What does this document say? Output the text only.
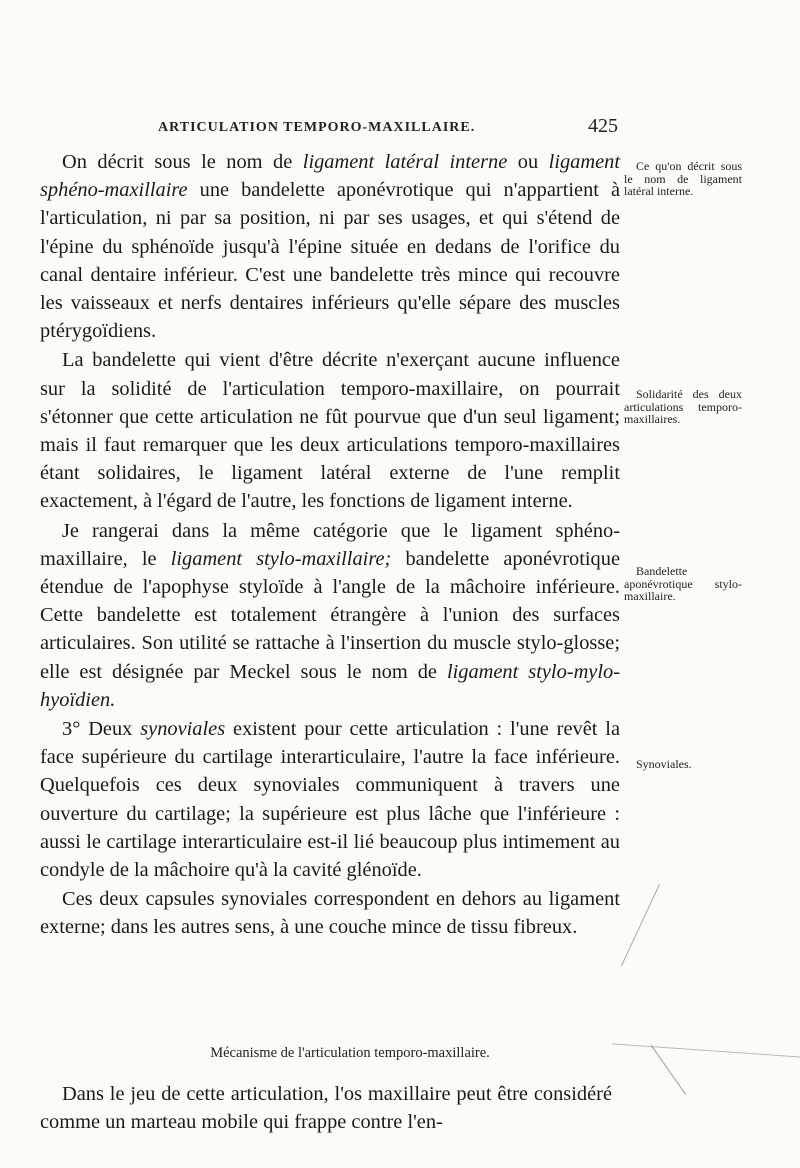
ARTICULATION TEMPORO-MAXILLAIRE.	425

On décrit sous le nom de ligament latéral interne ou ligament sphéno-maxillaire une bandelette aponévrotique qui n'appartient à l'articulation, ni par sa position, ni par ses usages, et qui s'étend de l'épine du sphénoïde jusqu'à l'épine située en dedans de l'orifice du canal dentaire inférieur. C'est une bandelette très mince qui recouvre les vaisseaux et nerfs dentaires inférieurs qu'elle sépare des muscles ptérygoïdiens.

La bandelette qui vient d'être décrite n'exerçant aucune influence sur la solidité de l'articulation temporo-maxillaire, on pourrait s'étonner que cette articulation ne fût pourvue que d'un seul ligament; mais il faut remarquer que les deux articulations temporo-maxillaires étant solidaires, le ligament latéral externe de l'une remplit exactement, à l'égard de l'autre, les fonctions de ligament interne.

Je rangerai dans la même catégorie que le ligament sphéno-maxillaire, le ligament stylo-maxillaire; bandelette aponévrotique étendue de l'apophyse styloïde à l'angle de la mâchoire inférieure. Cette bandelette est totalement étrangère à l'union des surfaces articulaires. Son utilité se rattache à l'insertion du muscle stylo-glosse; elle est désignée par Meckel sous le nom de ligament stylo-mylo-hyoïdien.

3° Deux synoviales existent pour cette articulation : l'une revêt la face supérieure du cartilage interarticulaire, l'autre la face inférieure. Quelquefois ces deux synoviales communiquent à travers une ouverture du cartilage; la supérieure est plus lâche que l'inférieure : aussi le cartilage interarticulaire est-il lié beaucoup plus intimement au condyle de la mâchoire qu'à la cavité glénoïde.

Ces deux capsules synoviales correspondent en dehors au ligament externe; dans les autres sens, à une couche mince de tissu fibreux.

Mécanisme de l'articulation temporo-maxillaire.

Dans le jeu de cette articulation, l'os maxillaire peut être considéré comme un marteau mobile qui frappe contre l'en-

Ce qu'on décrit sous le nom de ligament latéral interne.
Solidarité des deux articulations temporo-maxillaires.
Bandelette aponévrotique stylo-maxillaire.
Synoviales.
